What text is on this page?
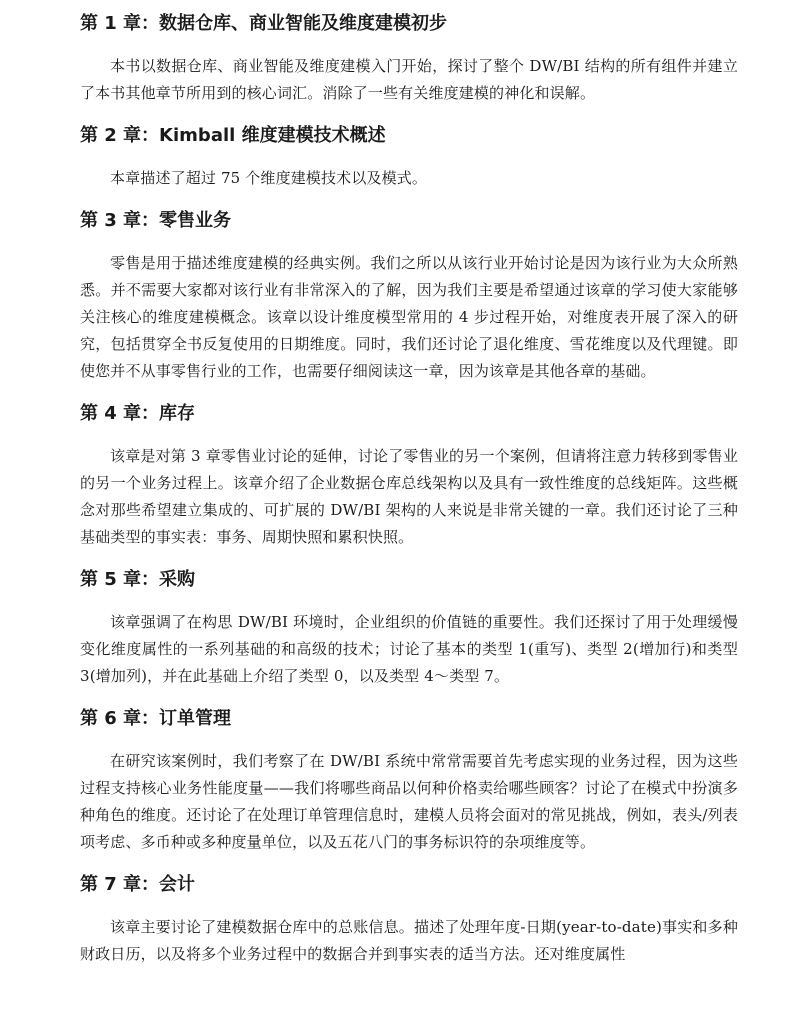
第 1 章：数据仓库、商业智能及维度建模初步

本书以数据仓库、商业智能及维度建模入门开始，探讨了整个 DW/BI 结构的所有组件并建立了本书其他章节所用到的核心词汇。消除了一些有关维度建模的神化和误解。

第 2 章：Kimball 维度建模技术概述

本章描述了超过 75 个维度建模技术以及模式。

第 3 章：零售业务

零售是用于描述维度建模的经典实例。我们之所以从该行业开始讨论是因为该行业为大众所熟悉。并不需要大家都对该行业有非常深入的了解，因为我们主要是希望通过该章的学习使大家能够关注核心的维度建模概念。该章以设计维度模型常用的 4 步过程开始，对维度表开展了深入的研究，包括贯穿全书反复使用的日期维度。同时，我们还讨论了退化维度、雪花维度以及代理键。即使您并不从事零售行业的工作，也需要仔细阅读这一章，因为该章是其他各章的基础。

第 4 章：库存

该章是对第 3 章零售业讨论的延伸，讨论了零售业的另一个案例，但请将注意力转移到零售业的另一个业务过程上。该章介绍了企业数据仓库总线架构以及具有一致性维度的总线矩阵。这些概念对那些希望建立集成的、可扩展的 DW/BI 架构的人来说是非常关键的一章。我们还讨论了三种基础类型的事实表：事务、周期快照和累积快照。

第 5 章：采购

该章强调了在构思 DW/BI 环境时，企业组织的价值链的重要性。我们还探讨了用于处理缓慢变化维度属性的一系列基础的和高级的技术；讨论了基本的类型 1(重写)、类型 2(增加行)和类型 3(增加列)，并在此基础上介绍了类型 0，以及类型 4～类型 7。

第 6 章：订单管理

在研究该案例时，我们考察了在 DW/BI 系统中常常需要首先考虑实现的业务过程，因为这些过程支持核心业务性能度量——我们将哪些商品以何种价格卖给哪些顾客？讨论了在模式中扮演多种角色的维度。还讨论了在处理订单管理信息时，建模人员将会面对的常见挑战，例如，表头/列表项考虑、多币种或多种度量单位，以及五花八门的事务标识符的杂项维度等。

第 7 章：会计

该章主要讨论了建模数据仓库中的总账信息。描述了处理年度-日期(year-to-date)事实和多种财政日历，以及将多个业务过程中的数据合并到事实表的适当方法。还对维度属性
